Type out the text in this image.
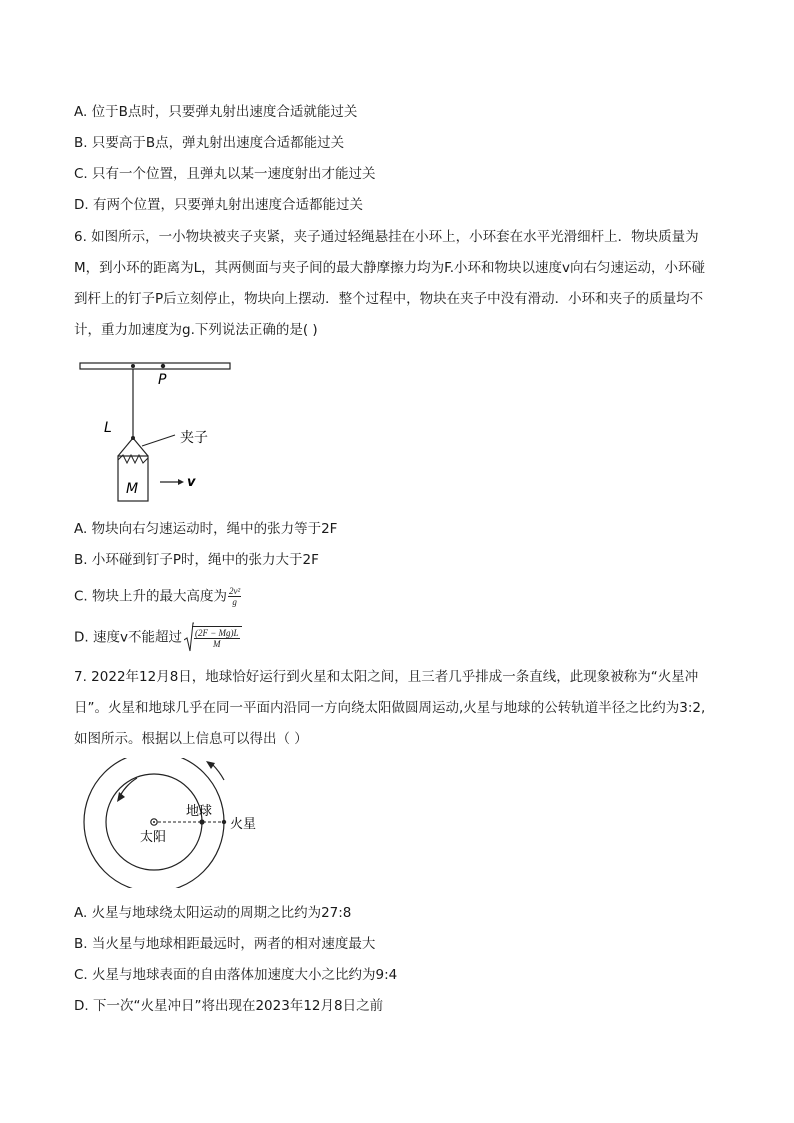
A. 位于B点时，只要弹丸射出速度合适就能过关
B. 只要高于B点，弹丸射出速度合适都能过关
C. 只有一个位置，且弹丸以某一速度射出才能过关
D. 有两个位置，只要弹丸射出速度合适都能过关
6. 如图所示，一小物块被夹子夹紧，夹子通过轻绳悬挂在小环上，小环套在水平光滑细杆上．物块质量为
M，到小环的距离为L，其两侧面与夹子间的最大静摩擦力均为F.小环和物块以速度v向右匀速运动，小环碰
到杆上的钉子P后立刻停止，物块向上摆动．整个过程中，物块在夹子中没有滑动．小环和夹子的质量均不
计，重力加速度为g.下列说法正确的是( )
P
L
夹子
M	v
A. 物块向右匀速运动时，绳中的张力等于2F
B. 小环碰到钉子P时，绳中的张力大于2F
C. 物块上升的最大高度为 $\frac{\text{2v²}}{g}$
D. 速度v不能超过 $\frac{(2F - Mg)L}{M}$
7. 2022年12月8日，地球恰好运行到火星和太阳之间，且三者几乎排成一条直线，此现象被称为“火星冲
日”。火星和地球几乎在同一平面内沿同一方向绕太阳做圆周运动,火星与地球的公转轨道半径之比约为3:2,
如图所示。根据以上信息可以得出（ ）
地球
太阳
火星
A. 火星与地球绕太阳运动的周期之比约为27:8
B. 当火星与地球相距最远时，两者的相对速度最大
C. 火星与地球表面的自由落体加速度大小之比约为9:4
D. 下一次“火星冲日”将出现在2023年12月8日之前
